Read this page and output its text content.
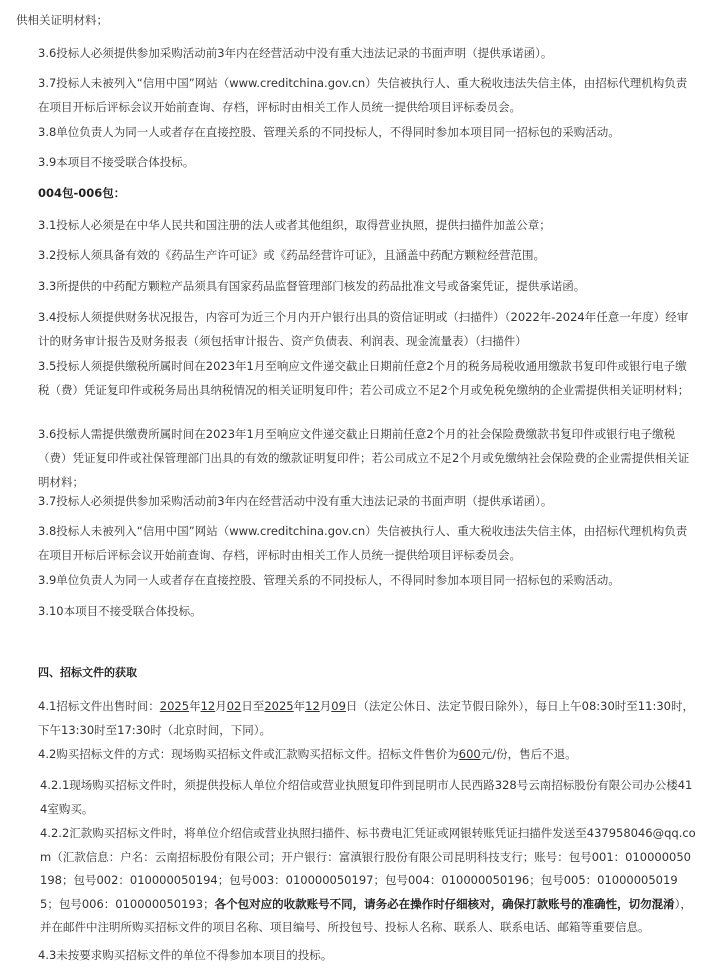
供相关证明材料；

3.6投标人必须提供参加采购活动前3年内在经营活动中没有重大违法记录的书面声明（提供承诺函）。

3.7投标人未被列入“信用中国”网站（www.creditchina.gov.cn）失信被执行人、重大税收违法失信主体，由招标代理机构负责在项目开标后评标会议开始前查询、存档，评标时由相关工作人员统一提供给项目评标委员会。

3.8单位负责人为同一人或者存在直接控股、管理关系的不同投标人，不得同时参加本项目同一招标包的采购活动。

3.9本项目不接受联合体投标。

004包-006包：

3.1投标人必须是在中华人民共和国注册的法人或者其他组织，取得营业执照，提供扫描件加盖公章；

3.2投标人须具备有效的《药品生产许可证》或《药品经营许可证》，且涵盖中药配方颗粒经营范围。

3.3所提供的中药配方颗粒产品须具有国家药品监督管理部门核发的药品批准文号或备案凭证，提供承诺函。

3.4投标人须提供财务状况报告，内容可为近三个月内开户银行出具的资信证明或（扫描件）（2022年-2024年任意一年度）经审计的财务审计报告及财务报表（须包括审计报告、资产负债表、利润表、现金流量表）（扫描件）

3.5投标人须提供缴税所属时间在2023年1月至响应文件递交截止日期前任意2个月的税务局税收通用缴款书复印件或银行电子缴税（费）凭证复印件或税务局出具纳税情况的相关证明复印件；若公司成立不足2个月或免税免缴纳的企业需提供相关证明材料；

3.6投标人需提供缴费所属时间在2023年1月至响应文件递交截止日期前任意2个月的社会保险费缴款书复印件或银行电子缴税（费）凭证复印件或社保管理部门出具的有效的缴款证明复印件；若公司成立不足2个月或免缴纳社会保险费的企业需提供相关证明材料；

3.7投标人必须提供参加采购活动前3年内在经营活动中没有重大违法记录的书面声明（提供承诺函）。

3.8投标人未被列入“信用中国”网站（www.creditchina.gov.cn）失信被执行人、重大税收违法失信主体，由招标代理机构负责在项目开标后评标会议开始前查询、存档，评标时由相关工作人员统一提供给项目评标委员会。

3.9单位负责人为同一人或者存在直接控股、管理关系的不同投标人，不得同时参加本项目同一招标包的采购活动。

3.10本项目不接受联合体投标。

四、招标文件的获取

4.1招标文件出售时间：2025年12月02日至2025年12月09日（法定公休日、法定节假日除外），每日上午08:30时至11:30时，下午13:30时至17:30时（北京时间，下同）。

4.2购买招标文件的方式：现场购买招标文件或汇款购买招标文件。招标文件售价为600元/份，售后不退。

4.2.1现场购买招标文件时，须提供投标人单位介绍信或营业执照复印件到昆明市人民西路328号云南招标股份有限公司办公楼414室购买。

4.2.2汇款购买招标文件时，将单位介绍信或营业执照扫描件、标书费电汇凭证或网银转账凭证扫描件发送至437958046@qq.com（汇款信息：户名：云南招标股份有限公司；开户银行：富滇银行股份有限公司昆明科技支行；账号：包号001：010000050198；包号002：010000050194；包号003：010000050197；包号004：010000050196；包号005：010000050195；包号006：010000050193；各个包对应的收款账号不同，请务必在操作时仔细核对，确保打款账号的准确性，切勿混淆），并在邮件中注明所购买招标文件的项目名称、项目编号、所投包号、投标人名称、联系人、联系电话、邮箱等重要信息。

4.3未按要求购买招标文件的单位不得参加本项目的投标。
